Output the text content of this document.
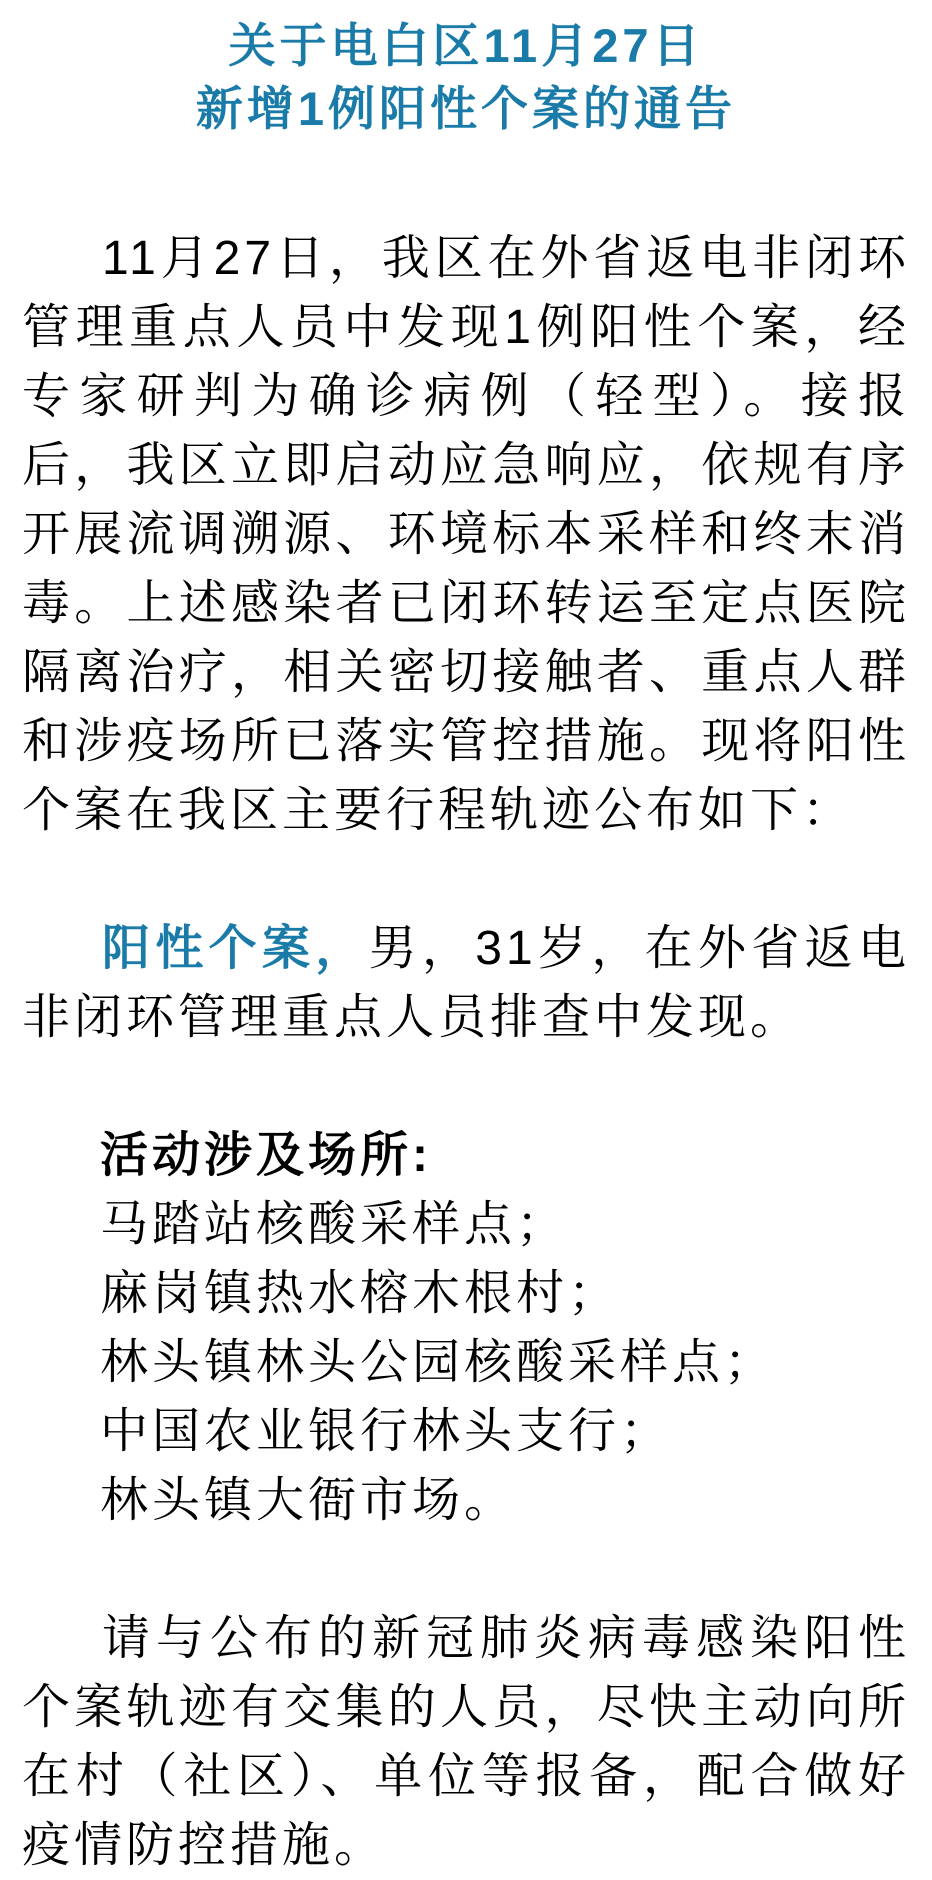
关于电白区11月27日
新增1例阳性个案的通告

11月27日，我区在外省返电非闭环管理重点人员中发现1例阳性个案，经专家研判为确诊病例（轻型）。接报后，我区立即启动应急响应，依规有序开展流调溯源、环境标本采样和终末消毒。上述感染者已闭环转运至定点医院隔离治疗，相关密切接触者、重点人群和涉疫场所已落实管控措施。现将阳性个案在我区主要行程轨迹公布如下：

阳性个案，男，31岁，在外省返电非闭环管理重点人员排查中发现。

活动涉及场所:

马踏站核酸采样点；

麻岗镇热水榕木根村；

林头镇林头公园核酸采样点；

中国农业银行林头支行；

林头镇大衙市场。

请与公布的新冠肺炎病毒感染阳性个案轨迹有交集的人员，尽快主动向所在村（社区）、单位等报备，配合做好疫情防控措施。
